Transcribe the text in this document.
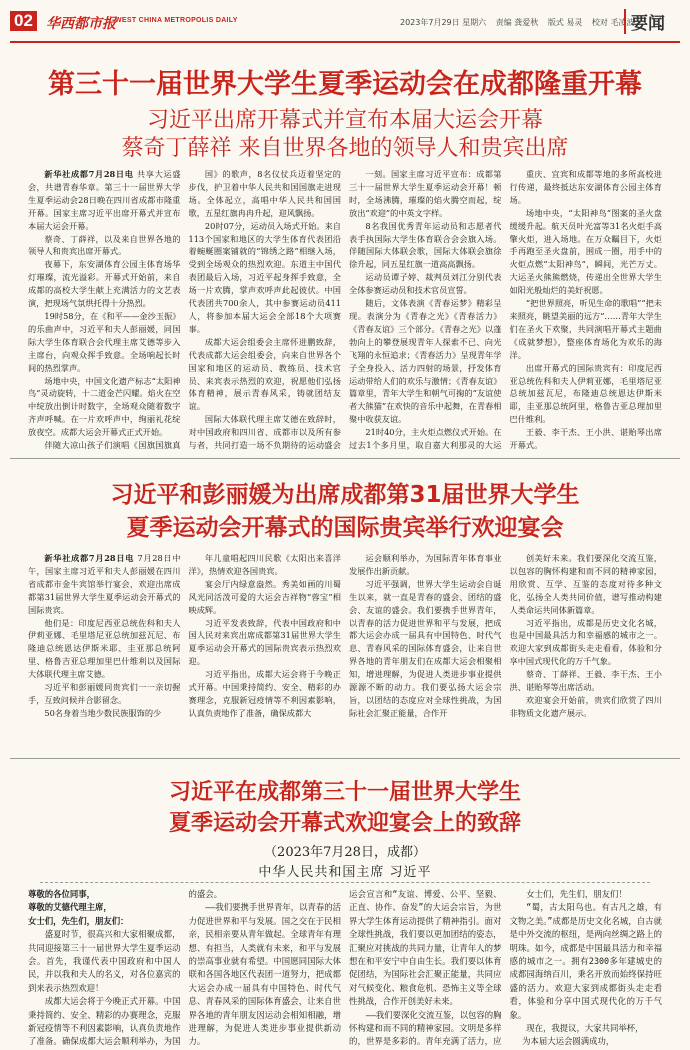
02 华西都市报 WEST CHINA METROPOLIS DAILY	2023年7月29日 星期六 责编 龚爱秋 版式 易灵 校对 毛凌波
要闻
第三十一届世界大学生夏季运动会在成都隆重开幕
习近平出席开幕式并宣布本届大运会开幕
蔡奇丁薛祥 来自世界各地的领导人和贵宾出席

新华社成都7月28日电 共享大运盛会，共谱青春华章。第三十一届世界大学生夏季运动会28日晚在四川省成都市隆重开幕。国家主席习近平出席开幕式并宣布本届大运会开幕。

蔡奇、丁薛祥，以及来自世界各地的领导人和贵宾出席开幕式。

夜幕下，东安湖体育公园主体育场华灯璀璨，流光溢彩。开幕式开始前，来自成都的高校大学生献上充满活力的文艺表演，把现场气氛烘托得十分热烈。

19时58分，在《和平——金沙玉振》的乐曲声中，习近平和夫人彭丽媛，同国际大学生体育联合会代理主席艾德等步入主席台，向观众挥手致意。全场响起长时间的热烈掌声。

场地中央，中国文化遗产标志“太阳神鸟”灵动旋转，十二道金芒闪耀。焰火在空中绽放出倒计时数字，全场观众随着数字齐声呼喊。在一片欢呼声中，绚丽礼花绽放夜空。成都大运会开幕式正式开始。

伴随大凉山孩子们演唱《国旗国旗真

国》的歌声，8名仪仗兵迈着坚定的步伐，护卫着中华人民共和国国旗走进现场。全体起立，高唱中华人民共和国国歌，五星红旗冉冉升起，迎风飘扬。

20时07分，运动员入场式开始。来自113个国家和地区的大学生体育代表团沿着蜿蜒圈案铺就的“锦绣之路”相继入场，受到全场观众的热烈欢迎。东道主中国代表团最后入场，习近平起身挥手致意，全场一片欢腾，掌声欢呼声此起彼伏。中国代表团共700余人，其中参赛运动员411人，将参加本届大运会全部18个大项赛事。

成都大运会组委会主席怀进鹏致辞，代表成都大运会组委会，向来自世界各个国家和地区的运动员、教练员、技术官员、来宾表示热烈的欢迎，祝愿他们弘扬体育精神，展示青春风采，铸就团结友谊。

国际大体联代理主席艾德在致辞时，对中国政府和四川省、成都市以及所有参与者，共同打造一场不负期待的运动盛会

一刻。国家主席习近平宣布：成都第三十一届世界大学生夏季运动会开幕！顿时，全场沸腾，璀璨的焰火腾空而起，绽放出“欢迎”的中英文字样。

8名我国优秀青年运动员和志愿者代表手执国际大学生体育联合会会旗入场。伴随国际大体联会歌，国际大体联会旗徐徐升起，同五星红旗一道高高飘扬。

运动员谭子婷、裁判员刘江分别代表全体参赛运动员和技术官员宣誓。

随后，文体表演《青春运梦》精彩呈现。表演分为《青春之光》《青春活力》《青春友谊》三个部分。《青春之光》以蓬勃向上的攀登展现青年人探索不已、向光飞翔的永恒追求；《青春活力》呈现青年学子全身投入、活力四射的场景，抒发体育运动带给人们的欢乐与激情；《青春友谊》篇章里，青年大学生和朝气可掬的“友谊使者大熊猫”在欢快的音乐中起舞，在青春相聚中收获友谊。

21时40分，主火炬点燃仪式开始。在过去1个多月里，取自嘉大利那灵的大运

重庆、宜宾和成都等地的多所高校进行传递，最终抵达东安湖体育公园主体育场。

场地中央，“太阳神鸟”图案的圣火盘缓缓升起。航天员叶光富等31名火炬手高擎火炬，进入场地。在万众瞩目下，火炬手再跑至圣火盘前，围成一圈，用手中的火炬点燃“太阳神鸟”，瞬间，光芒万丈。大运圣火熊熊燃烧，传递出全世界大学生如阳光般灿烂的美好祝愿。

“把世界照亮，听见生命的歌唱”“把未来照亮，眺望美丽的远方”……青年大学生们在圣火下欢聚，共同演唱开幕式主题曲《成就梦想》，整座体育场化为欢乐的海洋。

出席开幕式的国际贵宾有：印度尼西亚总统佐科和夫人伊莉亚娜，毛里塔尼亚总统加兹瓦尼，布隆迪总统恩达伊斯米耶，圭亚那总统阿里，格鲁吉亚总理加里巴什维利。

王毅、李干杰、王小洪、谌贻琴出席开幕式。

习近平和彭丽媛为出席成都第31届世界大学生
夏季运动会开幕式的国际贵宾举行欢迎宴会

新华社成都7月28日电 7月28日中午，国家主席习近平和夫人彭丽媛在四川省成都市金牛宾馆举行宴会，欢迎出席成都第31届世界大学生夏季运动会开幕式的国际贵宾。

他们是：印度尼西亚总统佐科和夫人伊莉亚娜、毛里塔尼亚总统加兹瓦尼、布隆迪总统恩达伊斯米耶、圭亚那总统阿里、格鲁吉亚总理加里巴什维利以及国际大体联代理主席艾德。

习近平和彭丽媛同贵宾们一一亲切握手，互致问候并合影留念。

50名身着当地少数民族服饰的少

年儿童唱起四川民歌《太阳出来喜洋洋》，热情欢迎各国贵宾。

宴会厅内绿意盎然。秀美如画的川蜀风光同活泼可爱的大运会吉祥物“蓉宝”相映成辉。

习近平发表致辞，代表中国政府和中国人民对来宾出席成都第31届世界大学生夏季运动会开幕式的国际贵宾表示热烈欢迎。

习近平指出，成都大运会将于今晚正式开幕。中国秉持简约、安全、精彩的办赛理念，克服新冠疫情等不利因素影响，认真负责地作了准备，确保成都大

运会顺利举办，为国际青年体育事业发展作出新贡献。

习近平强调，世界大学生运动会自诞生以来，就一直是青春的盛会、团结的盛会、友谊的盛会。我们要携手世界青年，以青春的活力促进世界和平与发展，把成都大运会办成一届具有中国特色、时代气息、青春风采的国际体育盛会，让来自世界各地的青年朋友们在成都大运会相聚相知，增进理解，为促进人类进步事业提供源源不断的动力。我们要弘扬大运会宗旨，以团结的态度应对全球性挑战，为国际社会汇聚正能量，合作开

创美好未来。我们要深化交流互鉴，以包容的胸怀构建和而不同的精神家园，用欣赏、互学、互鉴的态度对待多种文化，弘扬全人类共同价值，谱写推动构建人类命运共同体新篇章。

习近平指出，成都是历史文化名城，也是中国最具活力和幸福感的城市之一。欢迎大家到成都街头走走看看，体验和分享中国式现代化的万千气象。

蔡奇、丁薛祥、王毅、李干杰、王小洪、谌贻琴等出席活动。

欢迎宴会开始前，贵宾们欣赏了四川非物质文化遗产展示。

习近平在成都第三十一届世界大学生
夏季运动会开幕式欢迎宴会上的致辞
（2023年7月28日，成都）
中华人民共和国主席 习近平

尊敬的各位同事，

尊敬的艾德代理主席，

女士们，先生们，朋友们：

盛夏时节，很高兴和大家相聚成都，共同迎接第三十一届世界大学生夏季运动会。首先，我谨代表中国政府和中国人民，并以我和夫人的名义，对各位嘉宾的到来表示热烈欢迎！

成都大运会将于今晚正式开幕。中国秉持简约、安全、精彩的办赛理念，克服新冠疫情等不利因素影响，认真负责地作了准备。确保成都大运会顺利举办，为国

的盛会。

——我们要携手世界青年，以青春的活力促进世界和平与发展。国之交在于民相亲，民相亲要从青年做起。全球青年有理想、有担当，人类就有未来，和平与发展的崇高事业就有希望。中国愿同国际大体联和各国各地区代表团一道努力，把成都大运会办成一届具有中国特色、时代气息、青春风采的国际体育盛会，让来自世界各地的青年朋友因运动会相知相融，增进理解，为促进人类进步事业提供新动力。

运会宣言和“友谊、博爱、公平、坚毅、正直、协作、奋发”的大运会宗旨，为世界大学生体育运动提供了精神指引。面对全球性挑战，我们要以更加团结的姿态，汇聚应对挑战的共同力量，让青年人的梦想在和平安宁中自由生长。我们要以体育促团结，为国际社会汇聚正能量，共同应对气候变化、粮食危机、恐怖主义等全球性挑战，合作开创美好未来。

——我们要深化交流互鉴，以包容的胸怀构建和而不同的精神家园。文明是多样的，世界是多彩的。青年充满了活力，应

女士们，先生们，朋友们！

“蜀，古太阳鸟也。有古凡之雄，有文物之美。”成都是历史文化名城，自古就是中外交流的枢纽，是两向丝绸之路上的明珠。如今，成都是中国最具活力和幸福感的城市之一。拥有2300多年建城史的成都园海纳百川，秉名开放而始终保持旺盛的活力。欢迎大家到成都街头走走看看，体验和分享中国式现代化的万千气象。

现在，我提议，大家共同举杯，

为本届大运会圆满成功，
